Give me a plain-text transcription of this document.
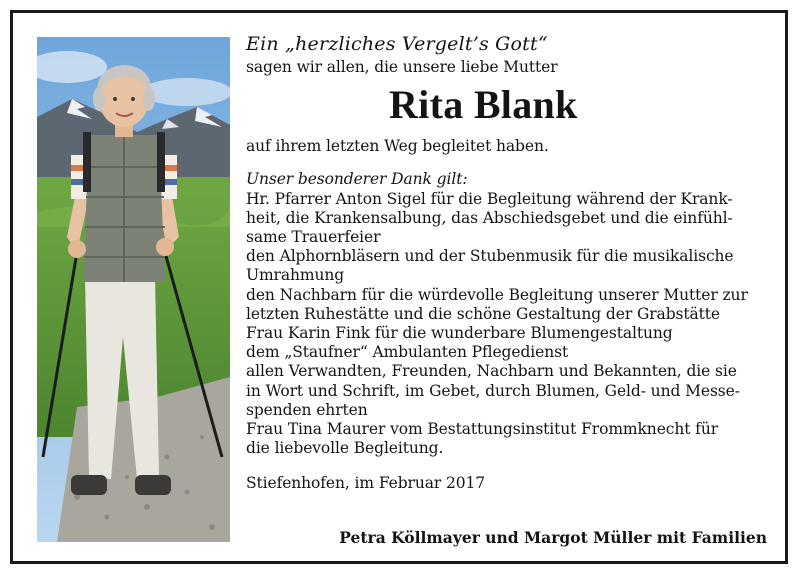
Ein „herzliches Vergelt’s Gott“
sagen wir allen, die unsere liebe Mutter
Rita Blank
auf ihrem letzten Weg begleitet haben.
Unser besonderer Dank gilt:
Hr. Pfarrer Anton Sigel für die Begleitung während der Krank-
heit, die Krankensalbung, das Abschiedsgebet und die einfühl-
same Trauerfeier
den Alphornbläsern und der Stubenmusik für die musikalische
Umrahmung
den Nachbarn für die würdevolle Begleitung unserer Mutter zur
letzten Ruhestätte und die schöne Gestaltung der Grabstätte
Frau Karin Fink für die wunderbare Blumengestaltung
dem „Staufner“ Ambulanten Pflegedienst
allen Verwandten, Freunden, Nachbarn und Bekannten, die sie
in Wort und Schrift, im Gebet, durch Blumen, Geld- und Messe-
spenden ehrten
Frau Tina Maurer vom Bestattungsinstitut Frommknecht für
die liebevolle Begleitung.
Stiefenhofen, im Februar 2017
Petra Köllmayer und Margot Müller mit Familien
